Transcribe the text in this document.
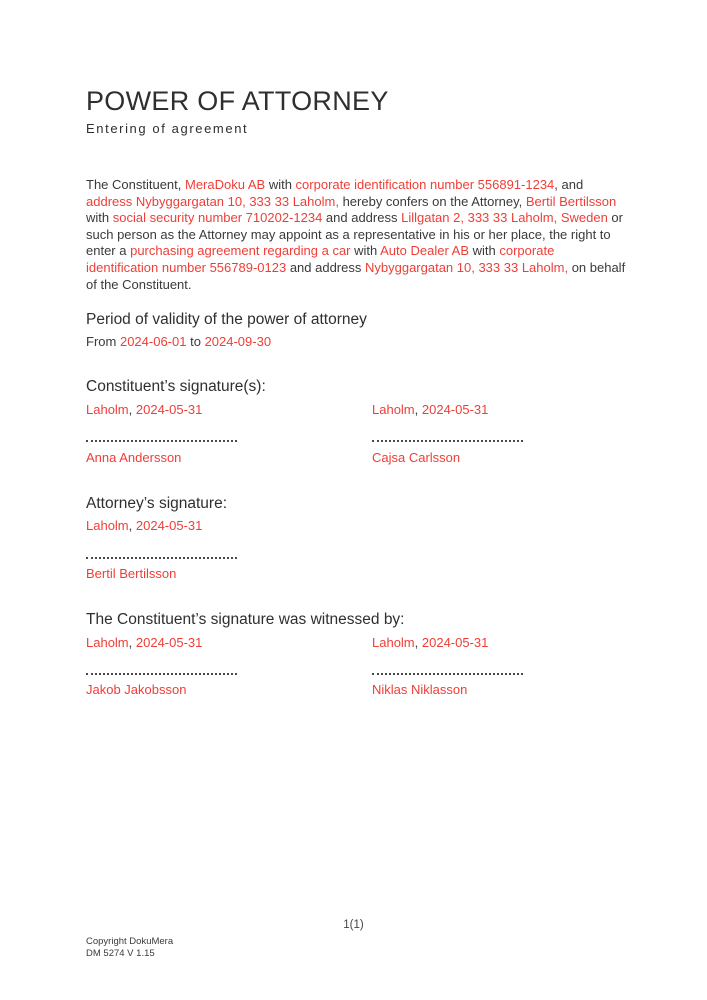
POWER OF ATTORNEY
Entering of agreement

The Constituent, MeraDoku AB with corporate identification number 556891-1234, and address Nybyggargatan 10, 333 33 Laholm, hereby confers on the Attorney, Bertil Bertilsson with social security number 710202-1234 and address Lillgatan 2, 333 33 Laholm, Sweden or such person as the Attorney may appoint as a representative in his or her place, the right to enter a purchasing agreement regarding a car with Auto Dealer AB with corporate identification number 556789-0123 and address Nybyggargatan 10, 333 33 Laholm, on behalf of the Constituent.

Period of validity of the power of attorney
From 2024-06-01 to 2024-09-30
Constituent’s signature(s):
Laholm, 2024-05-31	Laholm, 2024-05-31
Anna Andersson	Cajsa Carlsson
Attorney’s signature:
Laholm, 2024-05-31
Bertil Bertilsson
The Constituent’s signature was witnessed by:
Laholm, 2024-05-31	Laholm, 2024-05-31
Jakob Jakobsson	Niklas Niklasson
1(1)
Copyright DokuMera
DM 5274 V 1.15
